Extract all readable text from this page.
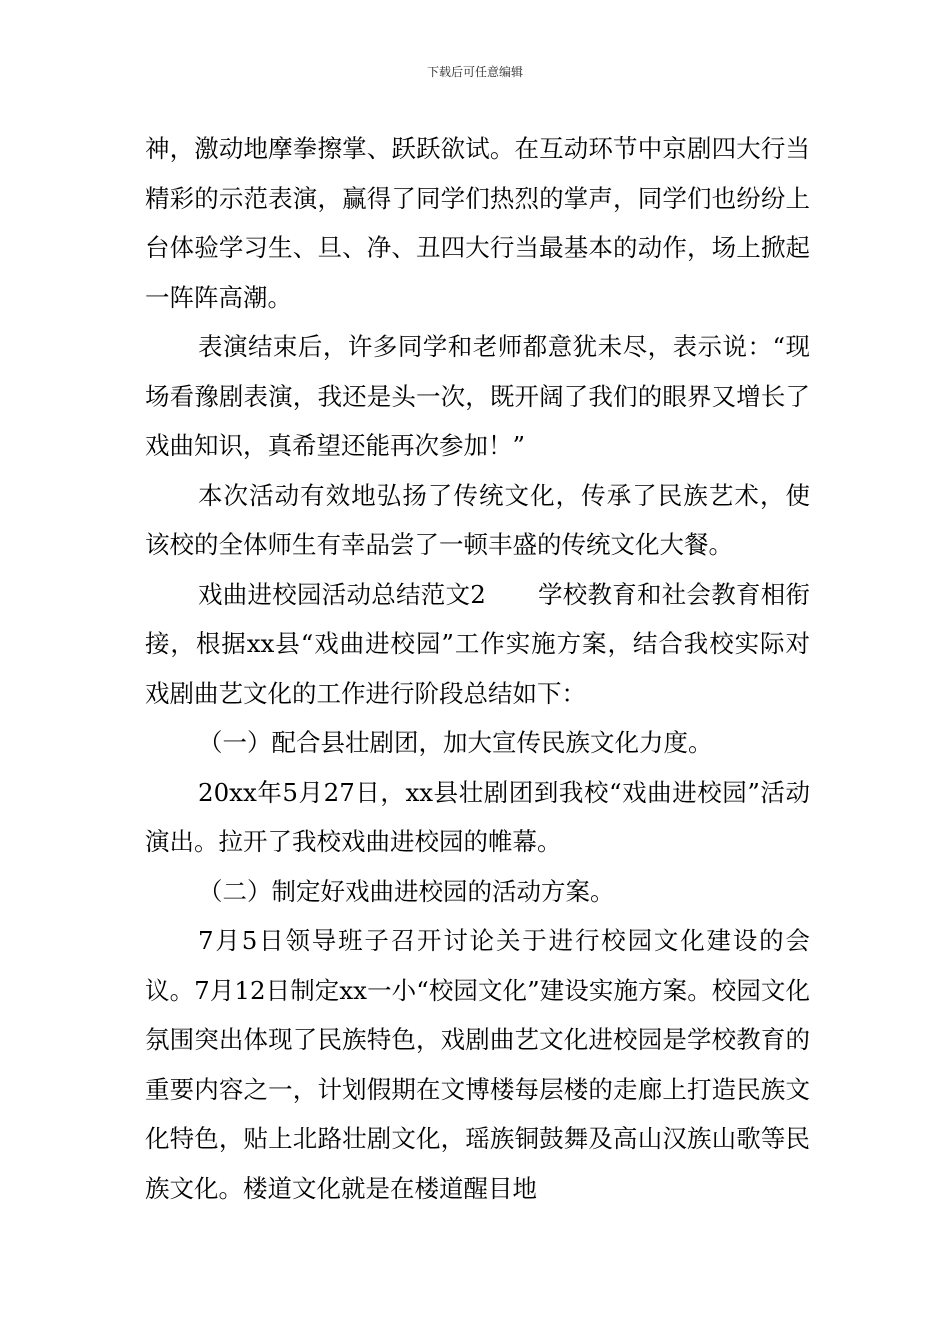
下载后可任意编辑

神，激动地摩拳擦掌、跃跃欲试。在互动环节中京剧四大行当精彩的示范表演，赢得了同学们热烈的掌声，同学们也纷纷上台体验学习生、旦、净、丑四大行当最基本的动作，场上掀起一阵阵高潮。

表演结束后，许多同学和老师都意犹未尽，表示说：“现场看豫剧表演，我还是头一次，既开阔了我们的眼界又增长了戏曲知识，真希望还能再次参加！”

本次活动有效地弘扬了传统文化，传承了民族艺术，使该校的全体师生有幸品尝了一顿丰盛的传统文化大餐。

戏曲进校园活动总结范文2 学校教育和社会教育相衔接，根据xx县“戏曲进校园”工作实施方案，结合我校实际对戏剧曲艺文化的工作进行阶段总结如下：

（一）配合县壮剧团，加大宣传民族文化力度。

20xx年5月27日，xx县壮剧团到我校“戏曲进校园”活动演出。拉开了我校戏曲进校园的帷幕。

（二）制定好戏曲进校园的活动方案。

7月5日领导班子召开讨论关于进行校园文化建设的会议。7月12日制定xx一小“校园文化”建设实施方案。校园文化氛围突出体现了民族特色，戏剧曲艺文化进校园是学校教育的重要内容之一，计划假期在文博楼每层楼的走廊上打造民族文化特色，贴上北路壮剧文化，瑶族铜鼓舞及高山汉族山歌等民族文化。楼道文化就是在楼道醒目地
